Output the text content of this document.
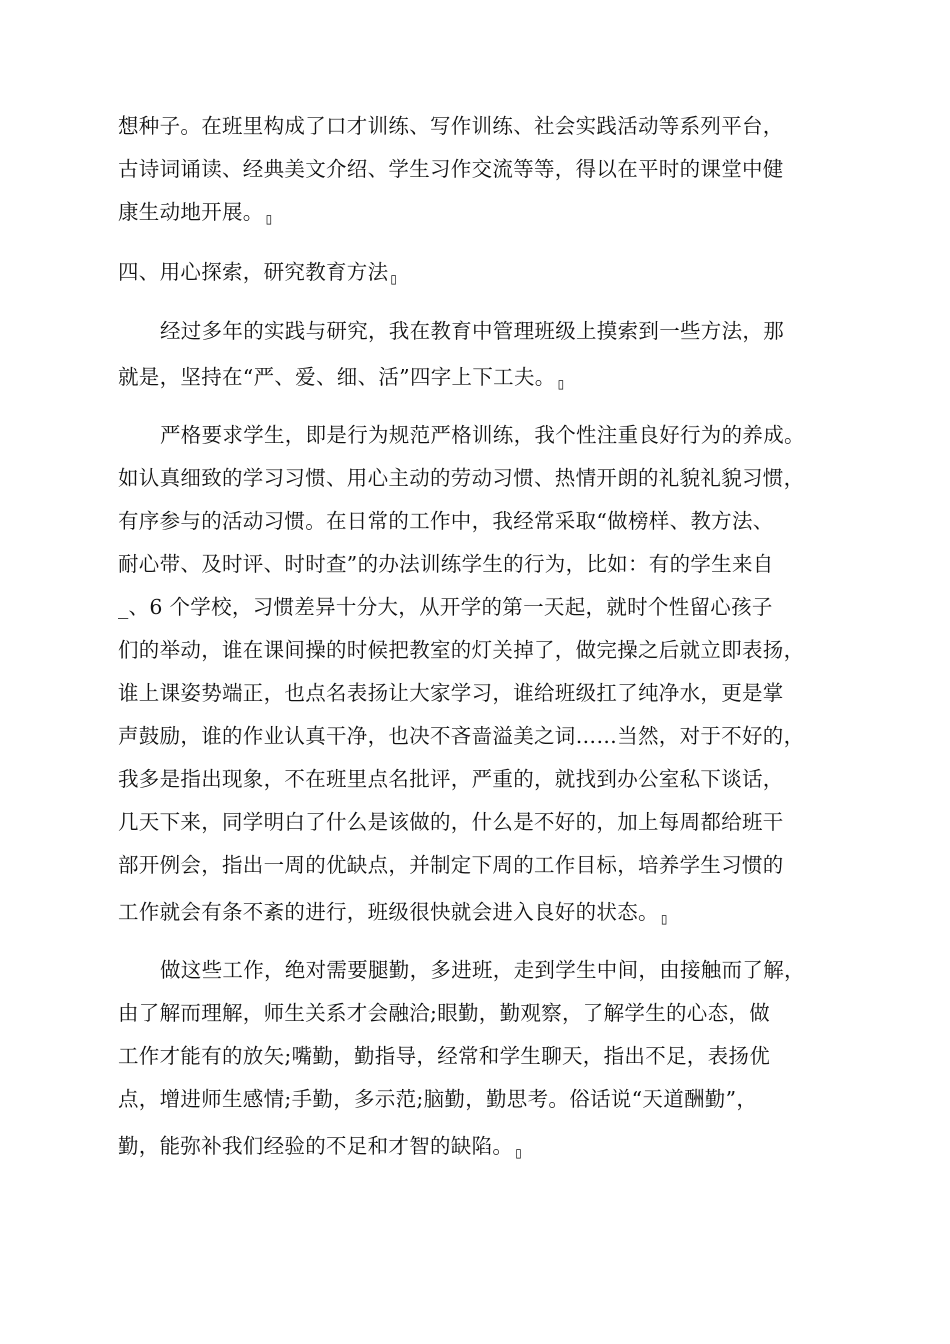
想种子。在班里构成了口才训练、写作训练、社会实践活动等系列平台，
古诗词诵读、经典美文介绍、学生习作交流等等，得以在平时的课堂中健
康生动地开展。 ▯
四、用心探索，研究教育方法 ▯
经过多年的实践与研究，我在教育中管理班级上摸索到一些方法，那
就是，坚持在“严、爱、细、活”四字上下工夫。 ▯
严格要求学生，即是行为规范严格训练，我个性注重良好行为的养成。
如认真细致的学习习惯、用心主动的劳动习惯、热情开朗的礼貌礼貌习惯，
有序参与的活动习惯。在日常的工作中，我经常采取“做榜样、教方法、
耐心带、及时评、时时查”的办法训练学生的行为，比如：有的学生来自
_、6 个学校，习惯差异十分大，从开学的第一天起，就时个性留心孩子
们的举动，谁在课间操的时候把教室的灯关掉了，做完操之后就立即表扬，
谁上课姿势端正，也点名表扬让大家学习，谁给班级扛了纯净水，更是掌
声鼓励，谁的作业认真干净，也决不吝啬溢美之词……当然，对于不好的，
我多是指出现象，不在班里点名批评，严重的，就找到办公室私下谈话，
几天下来，同学明白了什么是该做的，什么是不好的，加上每周都给班干
部开例会，指出一周的优缺点，并制定下周的工作目标，培养学生习惯的
工作就会有条不紊的进行，班级很快就会进入良好的状态。 ▯
做这些工作，绝对需要腿勤，多进班，走到学生中间，由接触而了解，
由了解而理解，师生关系才会融洽;眼勤，勤观察，了解学生的心态，做
工作才能有的放矢;嘴勤，勤指导，经常和学生聊天，指出不足，表扬优
点，增进师生感情;手勤，多示范;脑勤，勤思考。俗话说“天道酬勤”，
勤，能弥补我们经验的不足和才智的缺陷。 ▯
